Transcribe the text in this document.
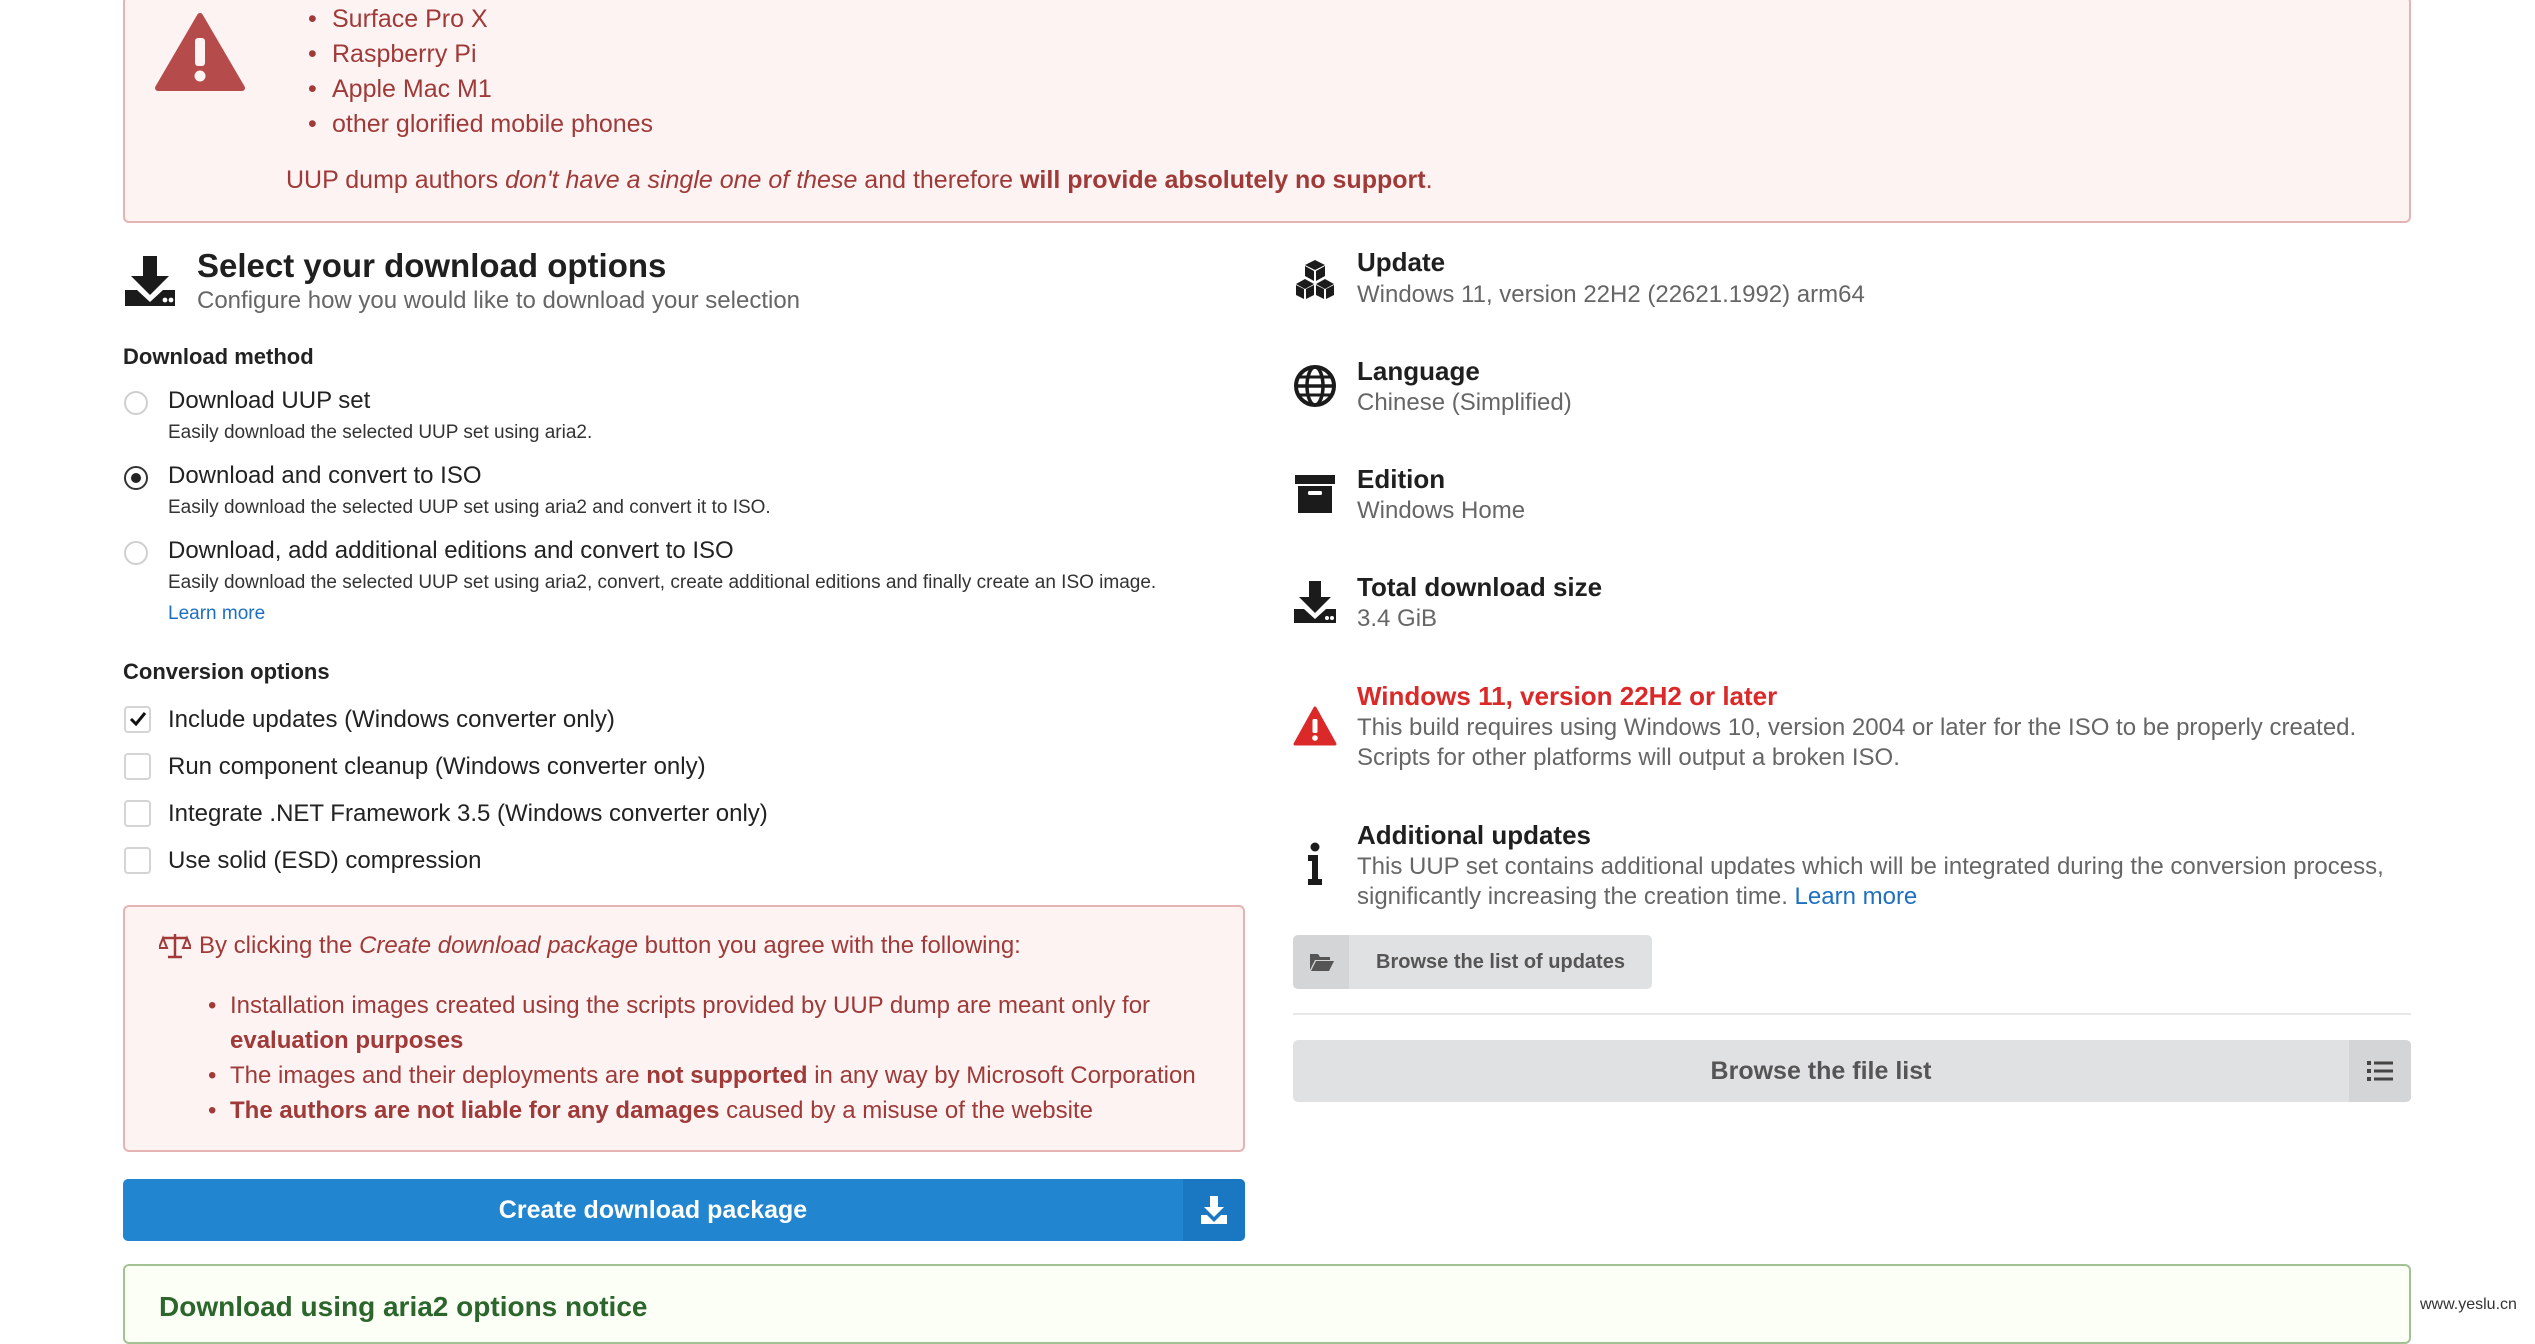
• Surface Pro X
• Raspberry Pi
• Apple Mac M1
• other glorified mobile phones
UUP dump authors don't have a single one of these and therefore will provide absolutely no support.
Select your download options
Configure how you would like to download your selection
Download method
Download UUP set
Easily download the selected UUP set using aria2.
Download and convert to ISO
Easily download the selected UUP set using aria2 and convert it to ISO.
Download, add additional editions and convert to ISO
Easily download the selected UUP set using aria2, convert, create additional editions and finally create an ISO image.
Learn more
Conversion options
Include updates (Windows converter only)
Run component cleanup (Windows converter only)
Integrate .NET Framework 3.5 (Windows converter only)
Use solid (ESD) compression
By clicking the Create download package button you agree with the following:
• Installation images created using the scripts provided by UUP dump are meant only for
evaluation purposes
• The images and their deployments are not supported in any way by Microsoft Corporation
• The authors are not liable for any damages caused by a misuse of the website
Create download package
Download using aria2 options notice
Update
Windows 11, version 22H2 (22621.1992) arm64
Language
Chinese (Simplified)
Edition
Windows Home
Total download size
3.4 GiB
Windows 11, version 22H2 or later
This build requires using Windows 10, version 2004 or later for the ISO to be properly created.
Scripts for other platforms will output a broken ISO.
Additional updates
This UUP set contains additional updates which will be integrated during the conversion process,
significantly increasing the creation time. Learn more
Browse the list of updates
Browse the file list
www.yeslu.cn
